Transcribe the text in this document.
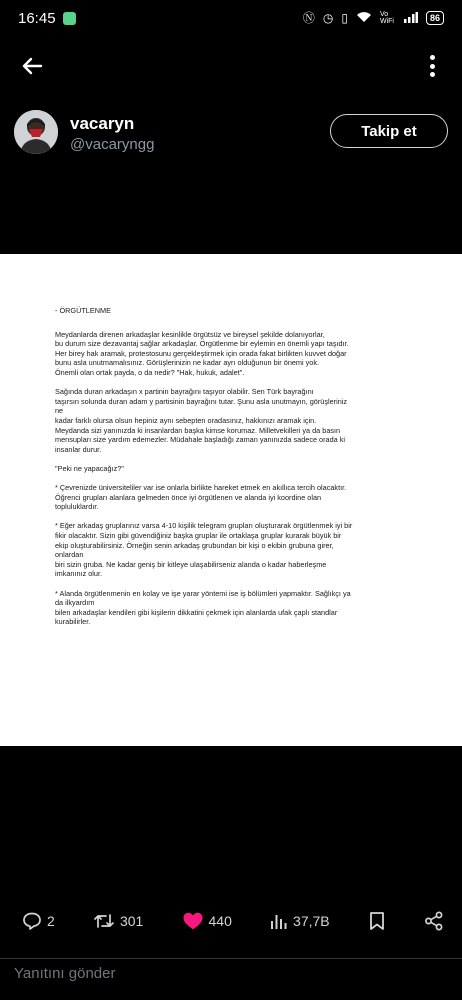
16:45	Ⓝ ◷ ▯	Vo WiFi	86
vacaryn
@vacaryngg
Takip et

- ÖRGÜTLENME

Meydanlarda direnen arkadaşlar kesinlikle örgütsüz ve bireysel şekilde dolanıyorlar,
bu durum size dezavantaj sağlar arkadaşlar. Örgütlenme bir eylemin en önemli yapı taşıdır.
Her birey hak aramak, protestosunu gerçekleştirmek için orada fakat birlikten kuvvet doğar
bunu asla unutmamalısınız. Görüşlerinizin ne kadar ayrı olduğunun bir önemi yok.
Önemli olan ortak payda, o da nedir? "Hak, hukuk, adalet".

Sağında duran arkadaşın x partinin bayrağını taşıyor olabilir. Sen Türk bayrağını
taşırsın solunda duran adam y partisinin bayrağını tutar. Şunu asla unutmayın, görüşleriniz
ne
kadar farklı olursa olsun hepiniz aynı sebepten oradasınız, hakkınızı aramak için.
Meydanda sizi yanınızda ki insanlardan başka kimse korumaz. Milletvekilleri ya da basın
mensupları size yardım edemezler. Müdahale başladığı zaman yanınızda sadece orada ki
insanlar durur.

"Peki ne yapacağız?"

* Çevrenizde üniversiteliler var ise onlarla birlikte hareket etmek en akıllıca tercih olacaktır.
Öğrenci grupları alanlara gelmeden önce iyi örgütlenen ve alanda iyi koordine olan
topluluklardır.

* Eğer arkadaş gruplarınız varsa 4-10 kişilik telegram grupları oluşturarak örgütlenmek iyi bir
fikir olacaktır. Sizin gibi güvendiğiniz başka gruplar ile ortaklaşa gruplar kurarak büyük bir
ekip oluşturabilirsiniz. Örneğin senin arkadaş grubundan bir kişi o ekibin grubuna girer,
onlardan
biri sizin gruba. Ne kadar geniş bir kitleye ulaşabilirseniz alanda o kadar haberleşme
imkanınız olur.

* Alanda örgütlenmenin en kolay ve işe yarar yöntemi ise iş bölümleri yapmaktır. Sağlıkçı ya
da ilkyardım
bilen arkadaşlar kendileri gibi kişilerin dikkatini çekmek için alanlarda ufak çaplı standlar
kurabilirler.

2	301	440	37,7B
Yanıtını gönder
